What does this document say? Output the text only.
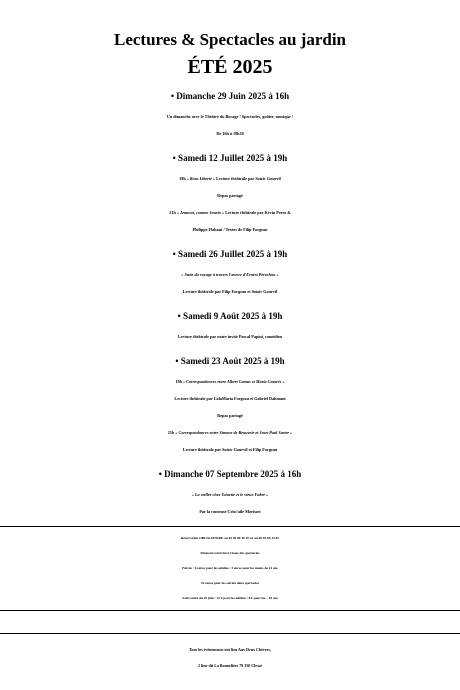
Lectures & Spectacles au jardin
ÉTÉ 2025

• Dimanche 29 Juin 2025 à 16h

Un dimanche avec le Théâtre du Bocage ! Spectacles, goûter, musique !

De 16h à 19h30

• Samedi 12 Juillet 2025 à 19h

19h « Rosa Liberté » Lecture théâtrale par Soizic Gourvil

Repas partagé

21h « Jeannot, comme Jaurès » Lecture théâtrale par Kévin Perez &

Philippe Flahaut / Textes de Filip Forgeau

• Samedi 26 Juillet 2025 à 19h

« Suite du voyage à travers l'œuvre d'Ernest Pérochon »

Lecture théâtrale par Filip Forgeau et Soizic Gourvil

• Samedi 9 Août 2025 à 19h

Lecture théâtrale par notre invité Pascal Papini, comédien

• Samedi 23 Août 2025 à 19h

19h « Correspondances entre Albert Camus et Maria Casarès »

Lecture théâtrale par LolaMaria Forgeau et Gabriel Dahmani

Repas partagé

21h « Correspondances entre Simone de Beauvoir et Jean-Paul Sartre »

Lecture théâtrale par Soizic Gourvil et Filip Forgeau

• Dimanche 07 Septembre 2025 à 16h

« La veillée chez Toinette et le vieux Fabre »

Par la conteuse Crist'aile Morisset

Réservation OBLIGATOIRE au 05 49 80 30 10 ou au 06 83 85 15 81

Moment convivial à l'issue des spectacles

Entrée : 6 euros pour les adultes / 3 euros pour les moins de 14 ans

10 euros pour les soirées deux spectacles

Sauf soirée du 29 juin : 12 € pour les adultes / 8 € pour les – 18 ans

Tous les évènements ont lieu Aux Deux Chèvres,

2 lieu-dit La Bonnelière 79 350 Clessé
